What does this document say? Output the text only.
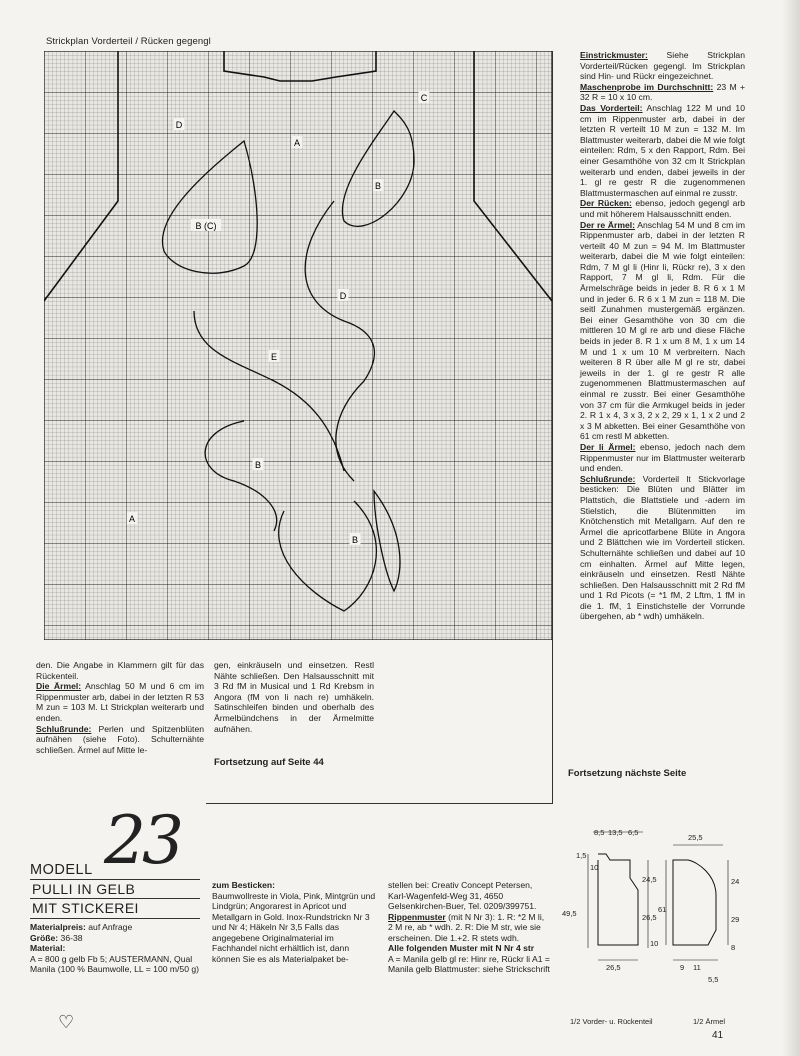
Strickplan Vorderteil / Rücken gegengl
A
B
C
D
B (C)
D
E
B
A
B
Einstrickmuster: Siehe Strickplan Vorderteil/Rücken gegengl. Im Strickplan sind Hin- und Rückr eingezeichnet.
Maschenprobe im Durchschnitt: 23 M + 32 R = 10 x 10 cm.
Das Vorderteil: Anschlag 122 M und 10 cm im Rippenmuster arb, dabei in der letzten R verteilt 10 M zun = 132 M. Im Blattmuster weiterarb, dabei die M wie folgt einteilen: Rdm, 5 x den Rapport, Rdm. Bei einer Gesamthöhe von 32 cm lt Strickplan weiterarb und enden, dabei jeweils in der 1. gl re gestr R die zugenommenen Blattmustermaschen auf einmal re zusstr.
Der Rücken: ebenso, jedoch gegengl arb und mit höherem Halsausschnitt enden.
Der re Ärmel: Anschlag 54 M und 8 cm im Rippenmuster arb, dabei in der letzten R verteilt 40 M zun = 94 M. Im Blattmuster weiterarb, dabei die M wie folgt einteilen: Rdm, 7 M gl li (Hinr li, Rückr re), 3 x den Rapport, 7 M gl li, Rdm. Für die Ärmelschräge beids in jeder 8. R 6 x 1 M und in jeder 6. R 6 x 1 M zun = 118 M. Die seitl Zunahmen mustergemäß ergänzen. Bei einer Gesamthöhe von 30 cm die mittleren 10 M gl re arb und diese Fläche beids in jeder 8. R 1 x um 8 M, 1 x um 14 M und 1 x um 10 M verbreitern. Nach weiteren 8 R über alle M gl re str, dabei jeweils in der 1. gl re gestr R alle zugenommenen Blattmustermaschen auf einmal re zusstr. Bei einer Gesamthöhe von 37 cm für die Armkugel beids in jeder 2. R 1 x 4, 3 x 3, 2 x 2, 29 x 1, 1 x 2 und 2 x 3 M abketten. Bei einer Gesamthöhe von 61 cm restl M abketten.
Der li Ärmel: ebenso, jedoch nach dem Rippenmuster nur im Blattmuster weiterarb und enden.
Schlußrunde: Vorderteil lt Stickvorlage besticken: Die Blüten und Blätter im Plattstich, die Blattstiele und -adern im Stielstich, die Blütenmitten im Knötchenstich mit Metallgarn. Auf den re Ärmel die apricotfarbene Blüte in Angora und 2 Blättchen wie im Vorderteil sticken. Schulternähte schließen und dabei auf 10 cm einhalten. Ärmel auf Mitte legen, einkräuseln und einsetzen. Restl Nähte schließen. Den Halsausschnitt mit 2 Rd fM und 1 Rd Picots (= *1 fM, 2 Lftm, 1 fM in die 1. fM, 1 Einstichstelle der Vorrunde übergehen, ab * wdh) umhäkeln.
Fortsetzung nächste Seite
den. Die Angabe in Klammern gilt für das Rückenteil.
Die Ärmel: Anschlag 50 M und 6 cm im Rippenmuster arb, dabei in der letzten R 53 M zun = 103 M. Lt Strickplan weiterarb und enden.
Schlußrunde: Perlen und Spitzenblüten aufnähen (siehe Foto). Schulternähte schließen. Ärmel auf Mitte le-
gen, einkräuseln und einsetzen. Restl Nähte schließen. Den Halsausschnitt mit 3 Rd fM in Musical und 1 Rd Krebsm in Angora (fM von li nach re) umhäkeln. Satinschleifen binden und oberhalb des Ärmelbündchens in der Ärmelmitte aufnähen.
Fortsetzung auf Seite 44
23
MODELL
PULLI IN GELB
MIT STICKEREI
Materialpreis: auf Anfrage
Größe: 36-38
Material:
A = 800 g gelb Fb 5; AUSTERMANN, Qual Manila (100 % Baumwolle, LL = 100 m/50 g)
♡
zum Besticken:
Baumwollreste in Viola, Pink, Mintgrün und Lindgrün; Angorarest in Apricot und Metallgarn in Gold. Inox-Rundstrickn Nr 3 und Nr 4; Häkeln Nr 3,5 Falls das angegebene Originalmaterial im Fachhandel nicht erhältlich ist, dann können Sie es als Materialpaket be-
stellen bei: Creativ Concept Petersen, Karl-Wagenfeld-Weg 31, 4650 Gelsenkirchen-Buer, Tel. 0209/399751.
Rippenmuster (mit N Nr 3): 1. R: *2 M li, 2 M re, ab * wdh. 2. R: Die M str, wie sie erscheinen. Die 1.+2. R stets wdh.
Alle folgenden Muster mit N Nr 4 str
A = Manila gelb gl re: Hinr re, Rückr li A1 = Manila gelb Blattmuster: siehe Strickschrift
8,5 13,5 6,5
1,5
10
24,5
49,5	26,5
10
26,5
1/2 Vorder- u. Rückenteil
25,5
24
61
29
8
9 11
5,5
1/2 Ärmel
41
